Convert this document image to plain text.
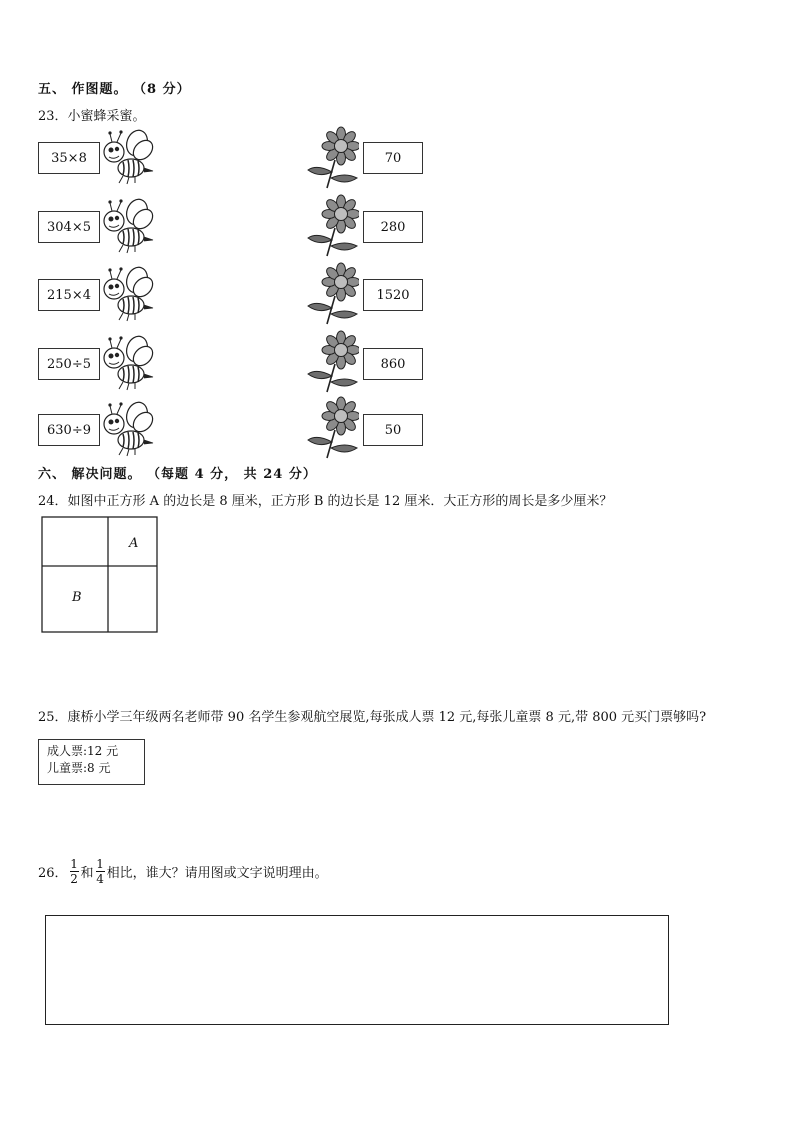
五、 作图题。 （8 分）
23．小蜜蜂采蜜。
35×8	70
304×5	280
215×4	1520
250÷5	860
630÷9	50
六、 解决问题。 （每题 4 分， 共 24 分）
24．如图中正方形 A 的边长是 8 厘米，正方形 B 的边长是 12 厘米．大正方形的周长是多少厘米？
A
B
25．康桥小学三年级两名老师带 90 名学生参观航空展览,每张成人票 12 元,每张儿童票 8 元,带 800 元买门票够吗?
成人票:12 元
儿童票:8 元
26． $\frac{1}{2}$ 和 $\frac{1}{4}$ 相比，谁大？请用图或文字说明理由。
